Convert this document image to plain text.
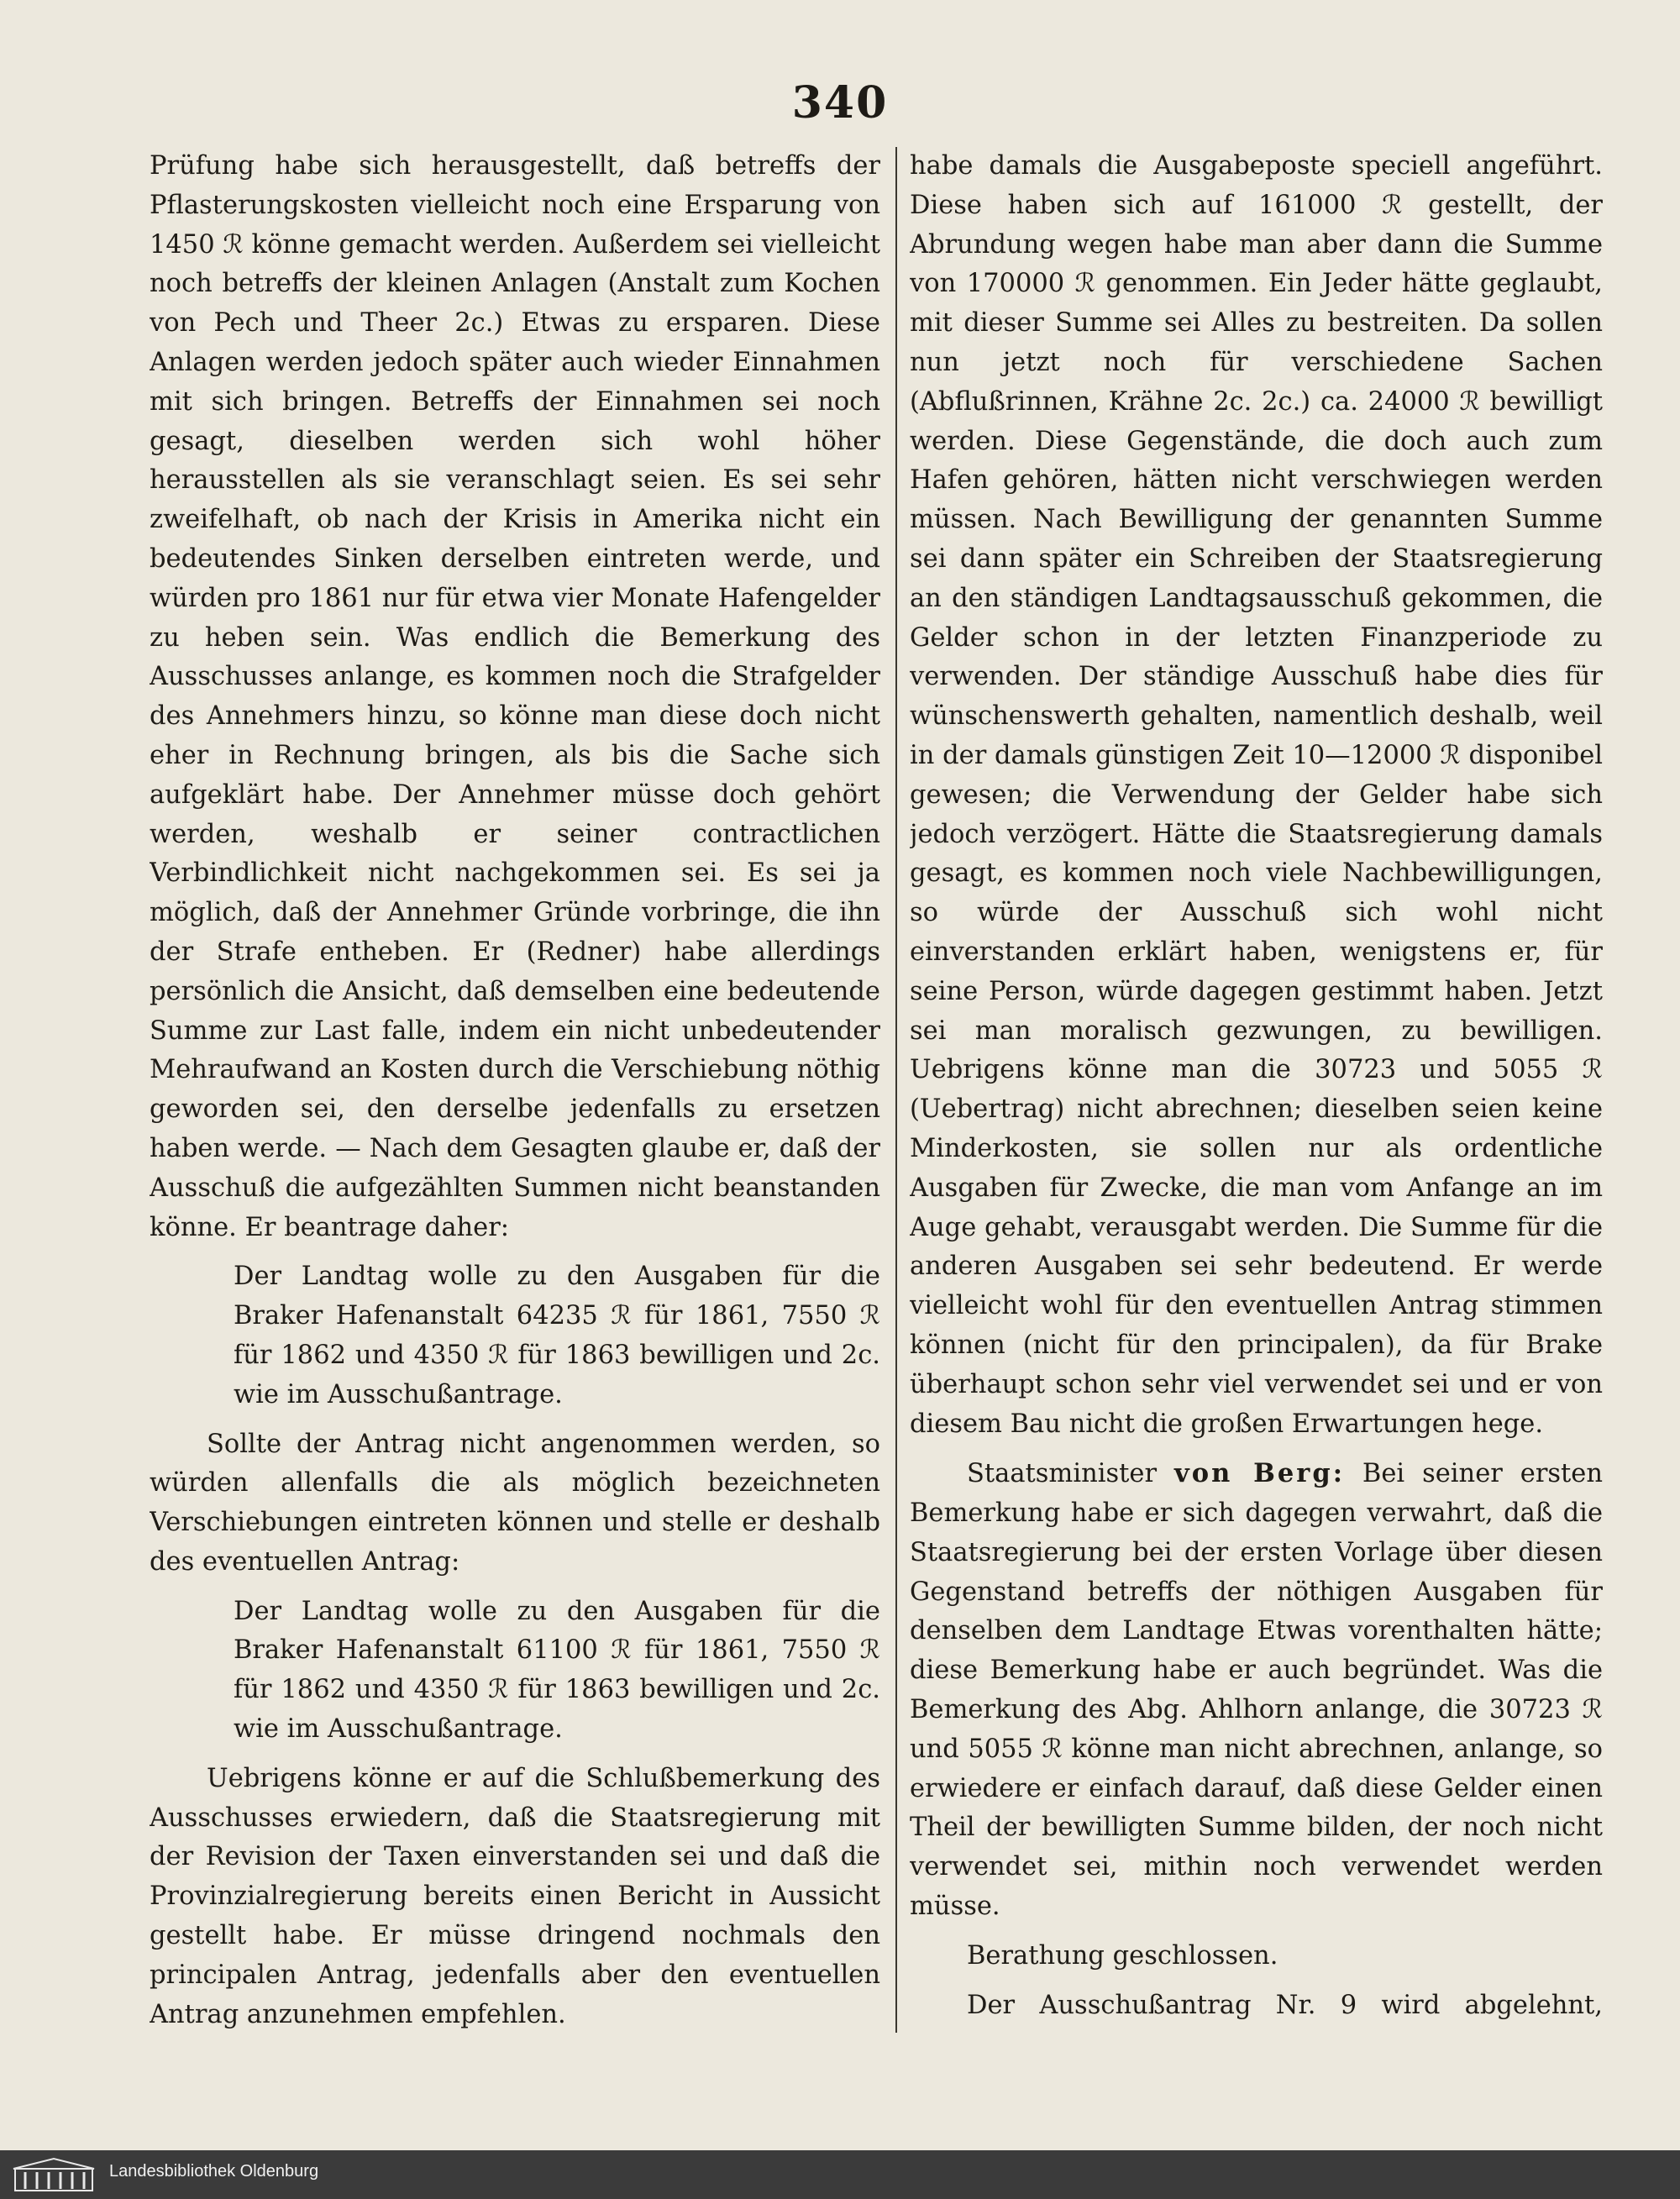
340

Prüfung habe sich herausgestellt, daß betreffs der Pflasterungskosten vielleicht noch eine Ersparung von 1450 ℛ︀ könne gemacht werden. Außerdem sei vielleicht noch betreffs der kleinen Anlagen (Anstalt zum Kochen von Pech und Theer 2c.) Etwas zu ersparen. Diese Anlagen werden jedoch später auch wieder Einnahmen mit sich bringen. Betreffs der Einnahmen sei noch gesagt, dieselben werden sich wohl höher herausstellen als sie veranschlagt seien. Es sei sehr zweifelhaft, ob nach der Krisis in Amerika nicht ein bedeutendes Sinken derselben eintreten werde, und würden pro 1861 nur für etwa vier Monate Hafengelder zu heben sein. Was endlich die Bemerkung des Ausschusses anlange, es kommen noch die Strafgelder des Annehmers hinzu, so könne man diese doch nicht eher in Rechnung bringen, als bis die Sache sich aufgeklärt habe. Der Annehmer müsse doch gehört werden, weshalb er seiner contractlichen Verbindlichkeit nicht nachgekommen sei. Es sei ja möglich, daß der Annehmer Gründe vorbringe, die ihn der Strafe entheben. Er (Redner) habe allerdings persönlich die Ansicht, daß demselben eine bedeutende Summe zur Last falle, indem ein nicht unbedeutender Mehraufwand an Kosten durch die Verschiebung nöthig geworden sei, den derselbe jedenfalls zu ersetzen haben werde. — Nach dem Gesagten glaube er, daß der Ausschuß die aufgezählten Summen nicht beanstanden könne. Er beantrage daher:

Der Landtag wolle zu den Ausgaben für die Braker Hafenanstalt 64235 ℛ︀ für 1861, 7550 ℛ︀ für 1862 und 4350 ℛ︀ für 1863 bewilligen und 2c. wie im Ausschußantrage.

Sollte der Antrag nicht angenommen werden, so würden allenfalls die als möglich bezeichneten Verschiebungen eintreten können und stelle er deshalb des eventuellen Antrag:

Der Landtag wolle zu den Ausgaben für die Braker Hafenanstalt 61100 ℛ︀ für 1861, 7550 ℛ︀ für 1862 und 4350 ℛ︀ für 1863 bewilligen und 2c. wie im Ausschußantrage.

Uebrigens könne er auf die Schlußbemerkung des Ausschusses erwiedern, daß die Staatsregierung mit der Revision der Taxen einverstanden sei und daß die Provinzialregierung bereits einen Bericht in Aussicht gestellt habe. Er müsse dringend nochmals den principalen Antrag, jedenfalls aber den eventuellen Antrag anzunehmen empfehlen.

habe damals die Ausgabeposte speciell angeführt. Diese haben sich auf 161000 ℛ︀ gestellt, der Abrundung wegen habe man aber dann die Summe von 170000 ℛ︀ genommen. Ein Jeder hätte geglaubt, mit dieser Summe sei Alles zu bestreiten. Da sollen nun jetzt noch für verschiedene Sachen (Abflußrinnen, Krähne 2c. 2c.) ca. 24000 ℛ︀ bewilligt werden. Diese Gegenstände, die doch auch zum Hafen gehören, hätten nicht verschwiegen werden müssen. Nach Bewilligung der genannten Summe sei dann später ein Schreiben der Staatsregierung an den ständigen Landtagsausschuß gekommen, die Gelder schon in der letzten Finanzperiode zu verwenden. Der ständige Ausschuß habe dies für wünschenswerth gehalten, namentlich deshalb, weil in der damals günstigen Zeit 10—12000 ℛ︀ disponibel gewesen; die Verwendung der Gelder habe sich jedoch verzögert. Hätte die Staatsregierung damals gesagt, es kommen noch viele Nachbewilligungen, so würde der Ausschuß sich wohl nicht einverstanden erklärt haben, wenigstens er, für seine Person, würde dagegen gestimmt haben. Jetzt sei man moralisch gezwungen, zu bewilligen. Uebrigens könne man die 30723 und 5055 ℛ︀ (Uebertrag) nicht abrechnen; dieselben seien keine Minderkosten, sie sollen nur als ordentliche Ausgaben für Zwecke, die man vom Anfange an im Auge gehabt, verausgabt werden. Die Summe für die anderen Ausgaben sei sehr bedeutend. Er werde vielleicht wohl für den eventuellen Antrag stimmen können (nicht für den principalen), da für Brake überhaupt schon sehr viel verwendet sei und er von diesem Bau nicht die großen Erwartungen hege.

Staatsminister von Berg: Bei seiner ersten Bemerkung habe er sich dagegen verwahrt, daß die Staatsregierung bei der ersten Vorlage über diesen Gegenstand betreffs der nöthigen Ausgaben für denselben dem Landtage Etwas vorenthalten hätte; diese Bemerkung habe er auch begründet. Was die Bemerkung des Abg. Ahlhorn anlange, die 30723 ℛ︀ und 5055 ℛ︀ könne man nicht abrechnen, anlange, so erwiedere er einfach darauf, daß diese Gelder einen Theil der bewilligten Summe bilden, der noch nicht verwendet sei, mithin noch verwendet werden müsse.

Berathung geschlossen.

Der Ausschußantrag Nr. 9 wird abgelehnt,

Landesbibliothek Oldenburg
